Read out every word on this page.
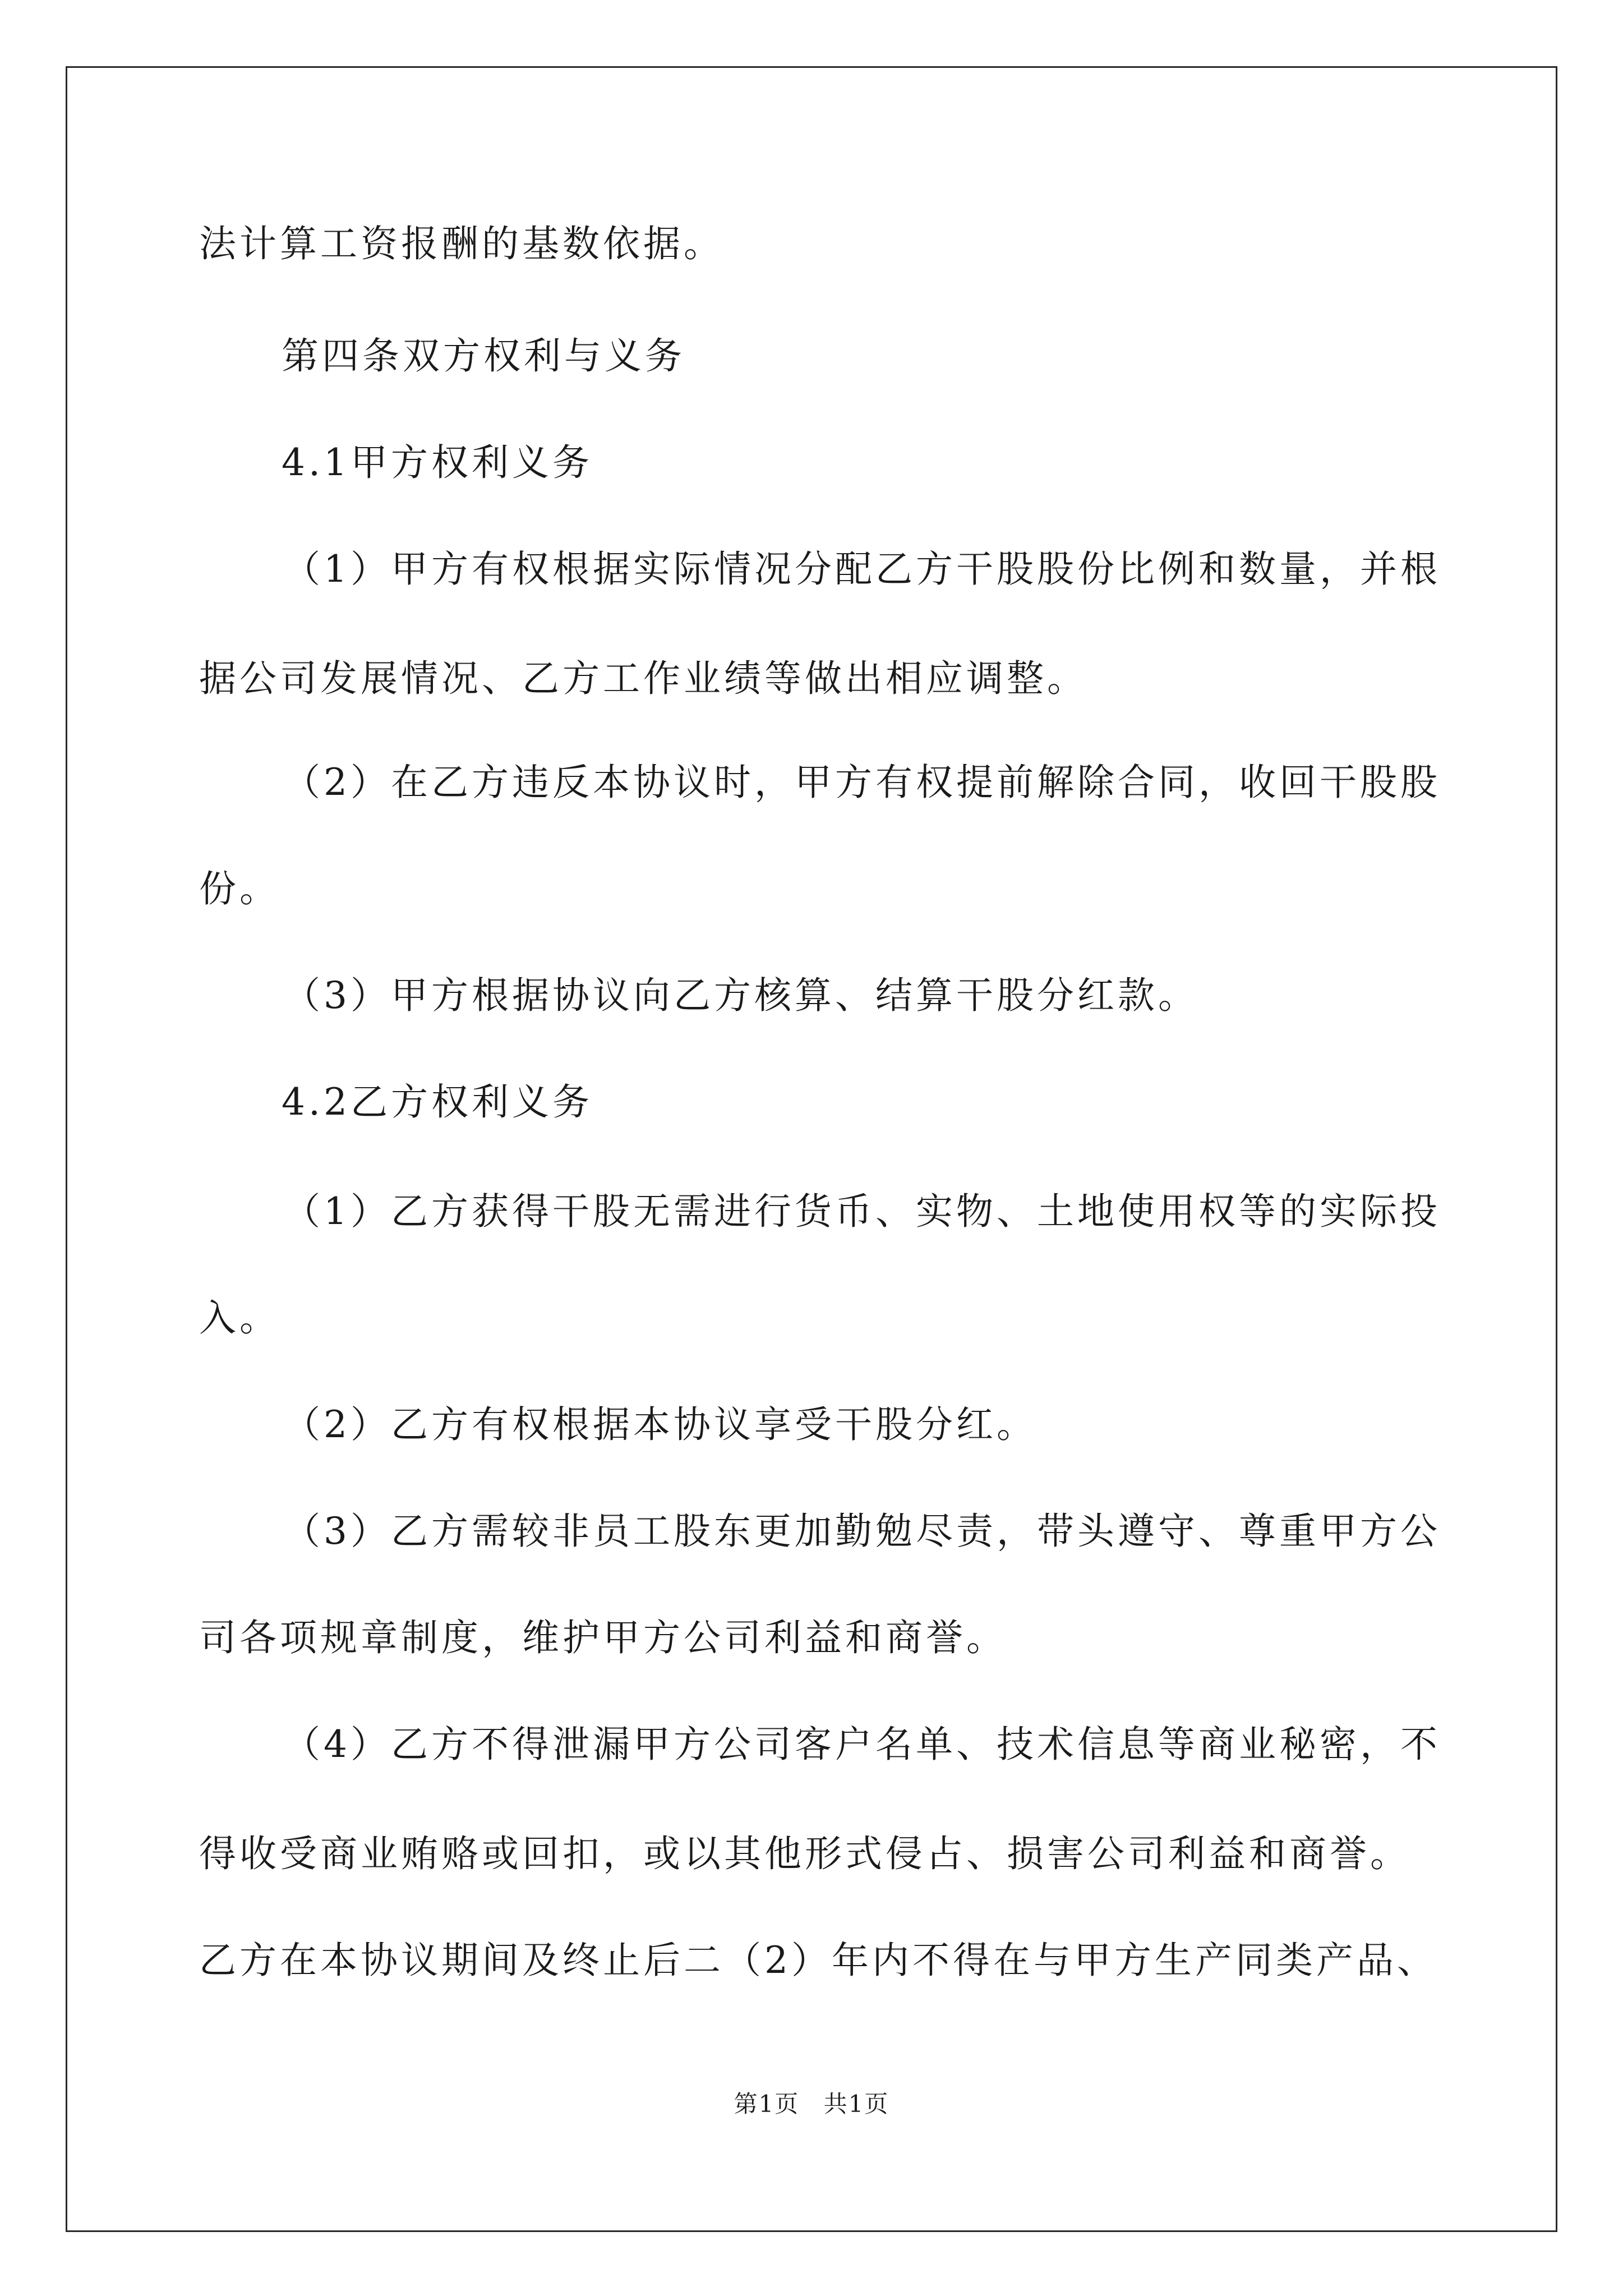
法计算工资报酬的基数依据。
第四条双方权利与义务
4.1甲方权利义务
（1）甲方有权根据实际情况分配乙方干股股份比例和数量，并根
据公司发展情况、乙方工作业绩等做出相应调整。
（2）在乙方违反本协议时，甲方有权提前解除合同，收回干股股
份。
（3）甲方根据协议向乙方核算、结算干股分红款。
4.2乙方权利义务
（1）乙方获得干股无需进行货币、实物、土地使用权等的实际投
入。
（2）乙方有权根据本协议享受干股分红。
（3）乙方需较非员工股东更加勤勉尽责，带头遵守、尊重甲方公
司各项规章制度，维护甲方公司利益和商誉。
（4）乙方不得泄漏甲方公司客户名单、技术信息等商业秘密，不
得收受商业贿赂或回扣，或以其他形式侵占、损害公司利益和商誉。
乙方在本协议期间及终止后二（2）年内不得在与甲方生产同类产品、
第1页 共1页
